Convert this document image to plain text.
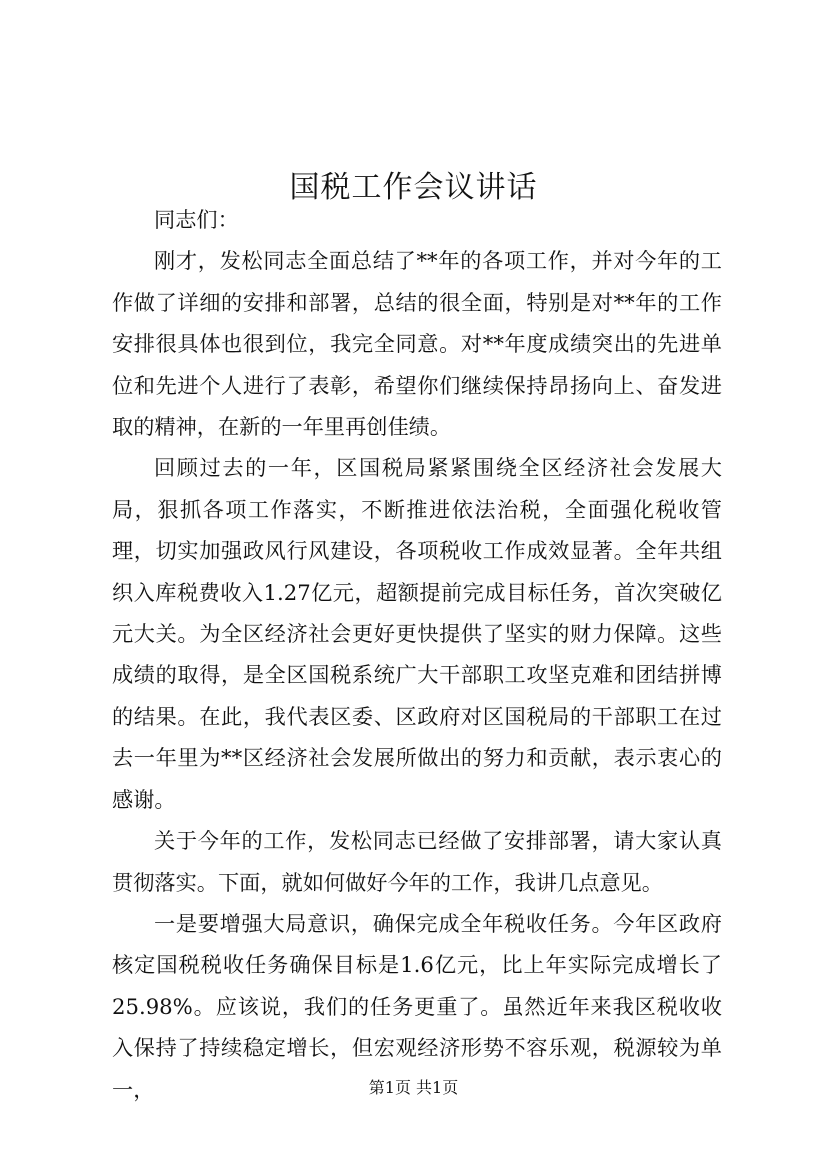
国税工作会议讲话

同志们：

刚才，发松同志全面总结了**年的各项工作，并对今年的工作做了详细的安排和部署，总结的很全面，特别是对**年的工作安排很具体也很到位，我完全同意。对**年度成绩突出的先进单位和先进个人进行了表彰，希望你们继续保持昂扬向上、奋发进取的精神，在新的一年里再创佳绩。

回顾过去的一年，区国税局紧紧围绕全区经济社会发展大局，狠抓各项工作落实，不断推进依法治税，全面强化税收管理，切实加强政风行风建设，各项税收工作成效显著。全年共组织入库税费收入1.27亿元，超额提前完成目标任务，首次突破亿元大关。为全区经济社会更好更快提供了坚实的财力保障。这些成绩的取得，是全区国税系统广大干部职工攻坚克难和团结拼博的结果。在此，我代表区委、区政府对区国税局的干部职工在过去一年里为**区经济社会发展所做出的努力和贡献，表示衷心的感谢。

关于今年的工作，发松同志已经做了安排部署，请大家认真贯彻落实。下面，就如何做好今年的工作，我讲几点意见。

一是要增强大局意识，确保完成全年税收任务。今年区政府核定国税税收任务确保目标是1.6亿元，比上年实际完成增长了25.98%。应该说，我们的任务更重了。虽然近年来我区税收收入保持了持续稳定增长，但宏观经济形势不容乐观，税源较为单一，	第1页 共1页
